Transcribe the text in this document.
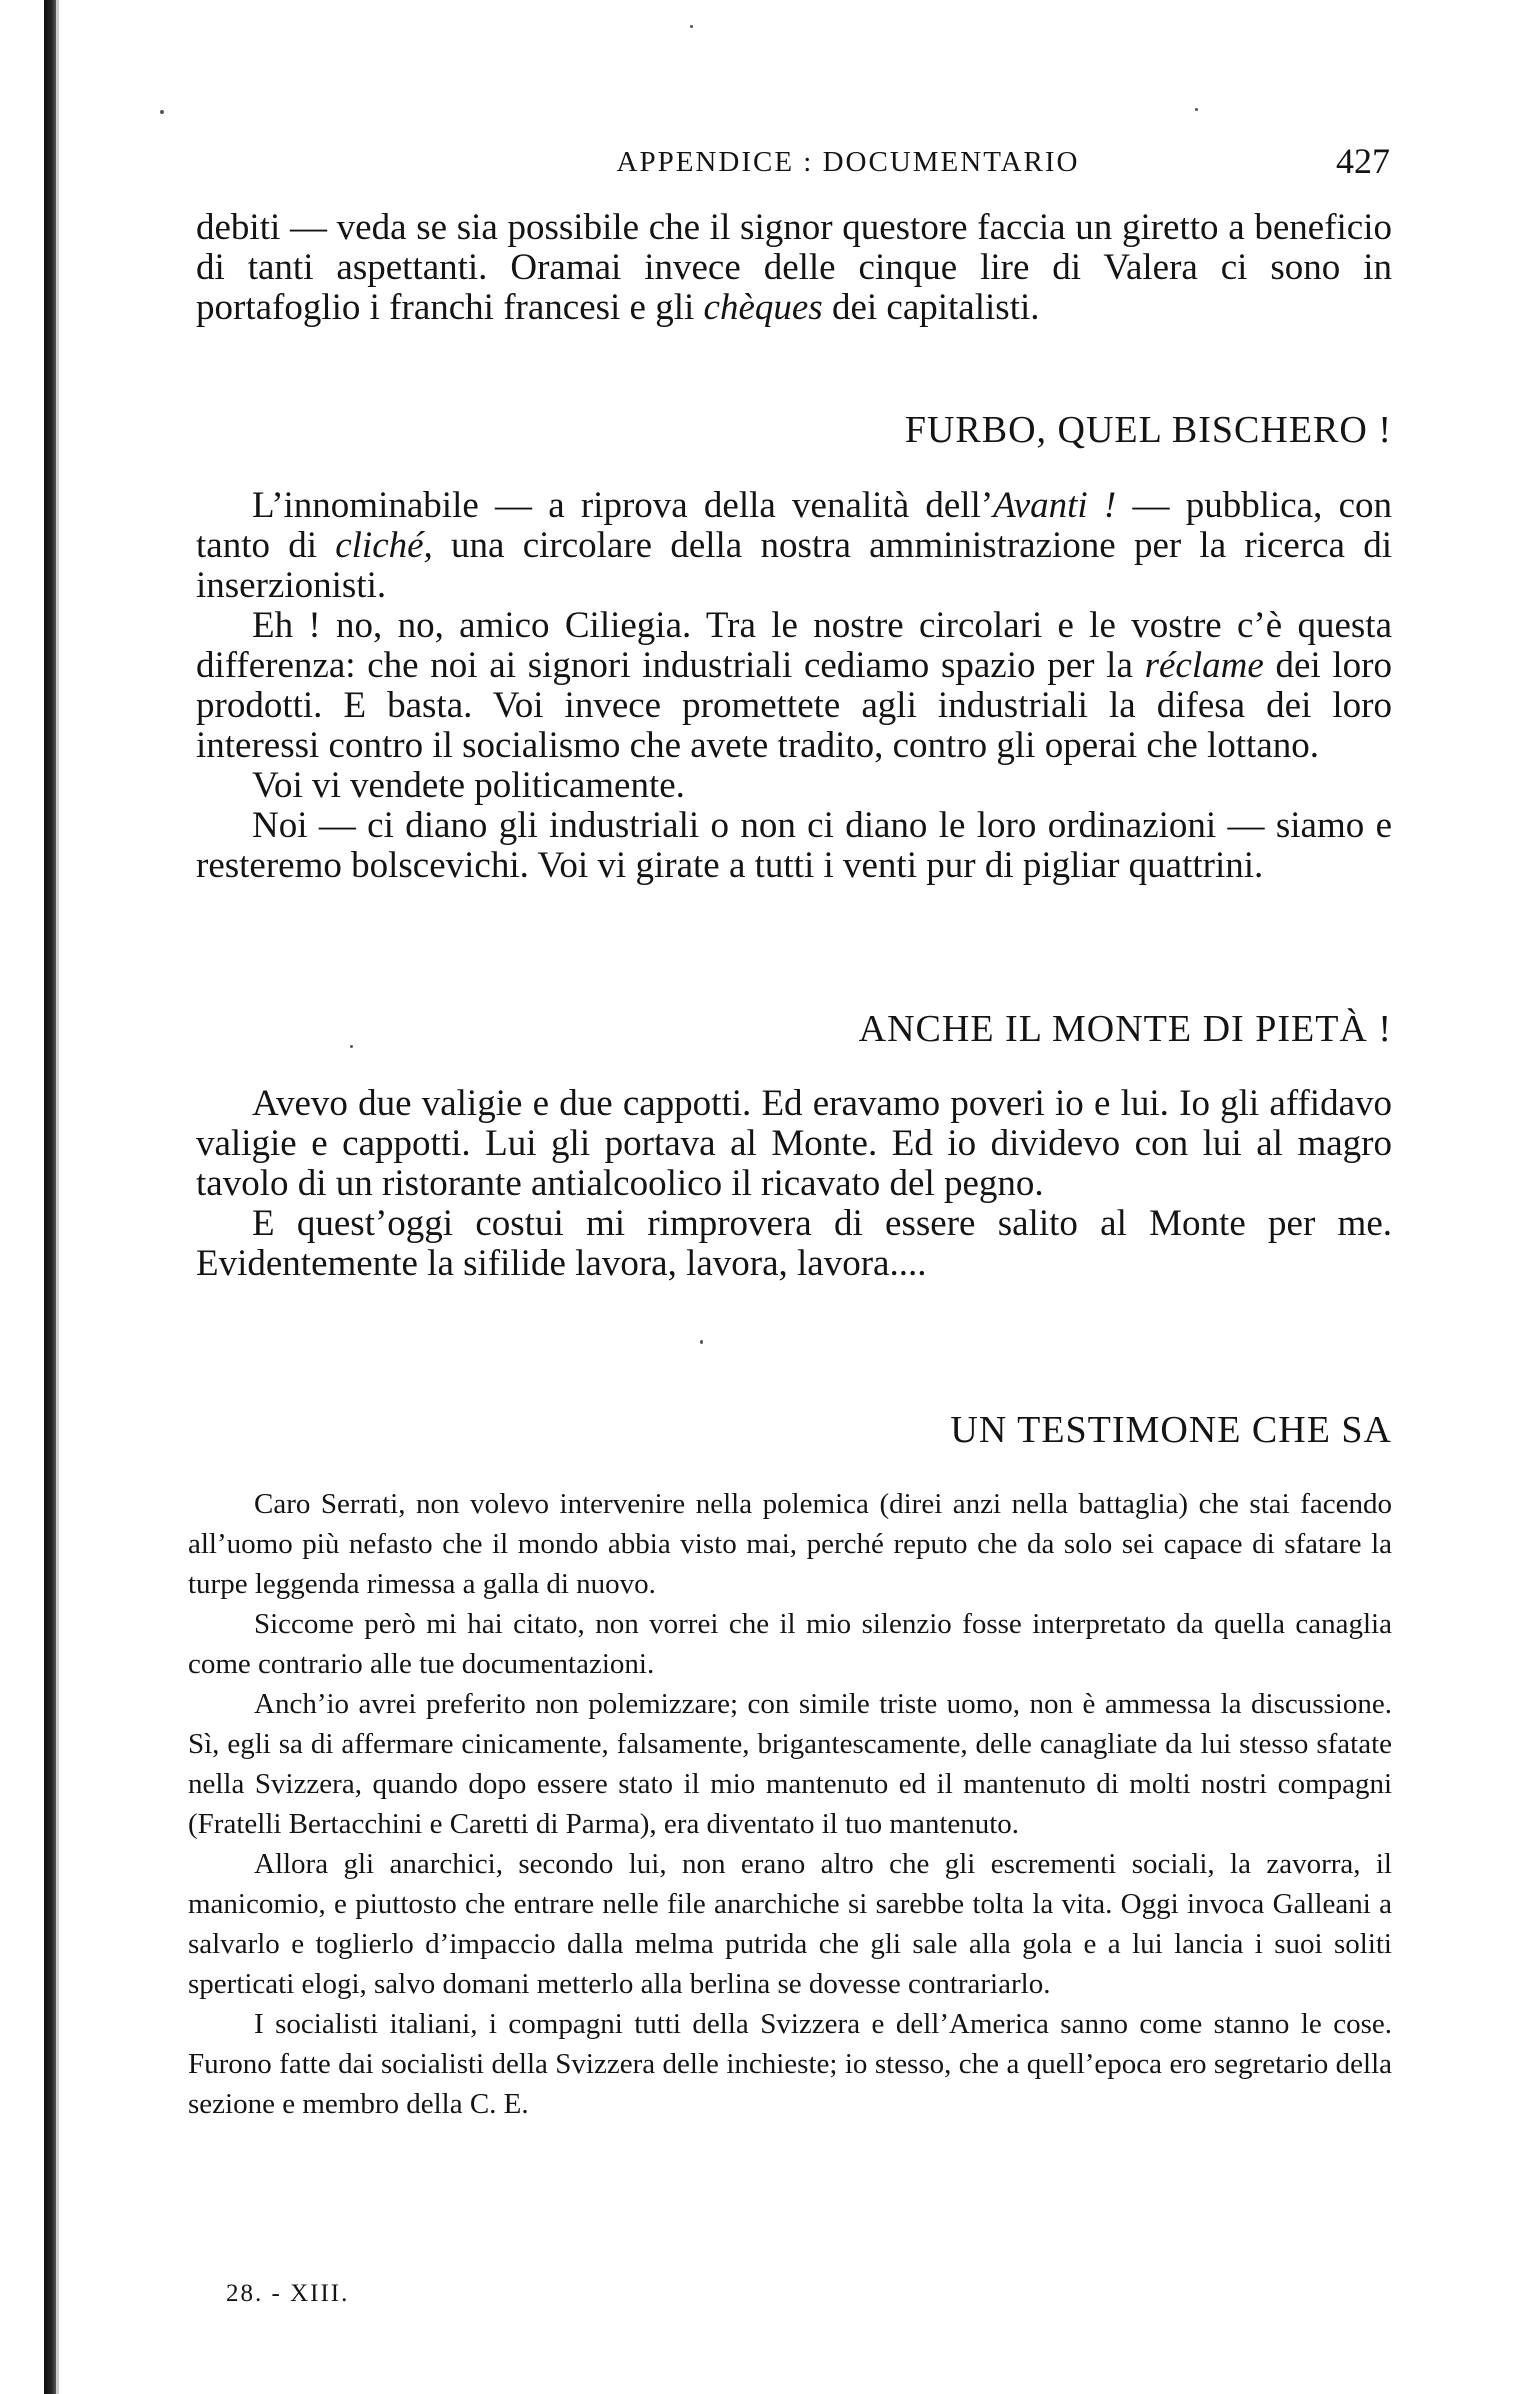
APPENDICE : DOCUMENTARIO	427

debiti — veda se sia possibile che il signor questore faccia un giretto a beneficio di tanti aspettanti. Oramai invece delle cinque lire di Valera ci sono in portafoglio i franchi francesi e gli chèques dei capitalisti.

FURBO, QUEL BISCHERO !

L’innominabile — a riprova della venalità dell’Avanti ! — pubblica, con tanto di cliché, una circolare della nostra amministrazione per la ricerca di inserzionisti.

Eh ! no, no, amico Ciliegia. Tra le nostre circolari e le vostre c’è questa differenza: che noi ai signori industriali cediamo spazio per la réclame dei loro prodotti. E basta. Voi invece promettete agli industriali la difesa dei loro interessi contro il socialismo che avete tradito, contro gli operai che lottano.

Voi vi vendete politicamente.

Noi — ci diano gli industriali o non ci diano le loro ordinazioni — siamo e resteremo bolscevichi. Voi vi girate a tutti i venti pur di pigliar quattrini.

ANCHE IL MONTE DI PIETÀ !

Avevo due valigie e due cappotti. Ed eravamo poveri io e lui. Io gli affidavo valigie e cappotti. Lui gli portava al Monte. Ed io dividevo con lui al magro tavolo di un ristorante antialcoolico il ricavato del pegno.

E quest’oggi costui mi rimprovera di essere salito al Monte per me. Evidentemente la sifilide lavora, lavora, lavora....

UN TESTIMONE CHE SA

Caro Serrati, non volevo intervenire nella polemica (direi anzi nella battaglia) che stai facendo all’uomo più nefasto che il mondo abbia visto mai, perché reputo che da solo sei capace di sfatare la turpe leggenda rimessa a galla di nuovo.

Siccome però mi hai citato, non vorrei che il mio silenzio fosse interpretato da quella canaglia come contrario alle tue documentazioni.

Anch’io avrei preferito non polemizzare; con simile triste uomo, non è ammessa la discussione. Sì, egli sa di affermare cinicamente, falsamente, brigantescamente, delle canagliate da lui stesso sfatate nella Svizzera, quando dopo essere stato il mio mantenuto ed il mantenuto di molti nostri compagni (Fratelli Bertacchini e Caretti di Parma), era diventato il tuo mantenuto.

Allora gli anarchici, secondo lui, non erano altro che gli escrementi sociali, la zavorra, il manicomio, e piuttosto che entrare nelle file anarchiche si sarebbe tolta la vita. Oggi invoca Galleani a salvarlo e toglierlo d’impaccio dalla melma putrida che gli sale alla gola e a lui lancia i suoi soliti sperticati elogi, salvo domani metterlo alla berlina se dovesse contrariarlo.

I socialisti italiani, i compagni tutti della Svizzera e dell’America sanno come stanno le cose. Furono fatte dai socialisti della Svizzera delle inchieste; io stesso, che a quell’epoca ero segretario della sezione e membro della C. E.

28. - XIII.
